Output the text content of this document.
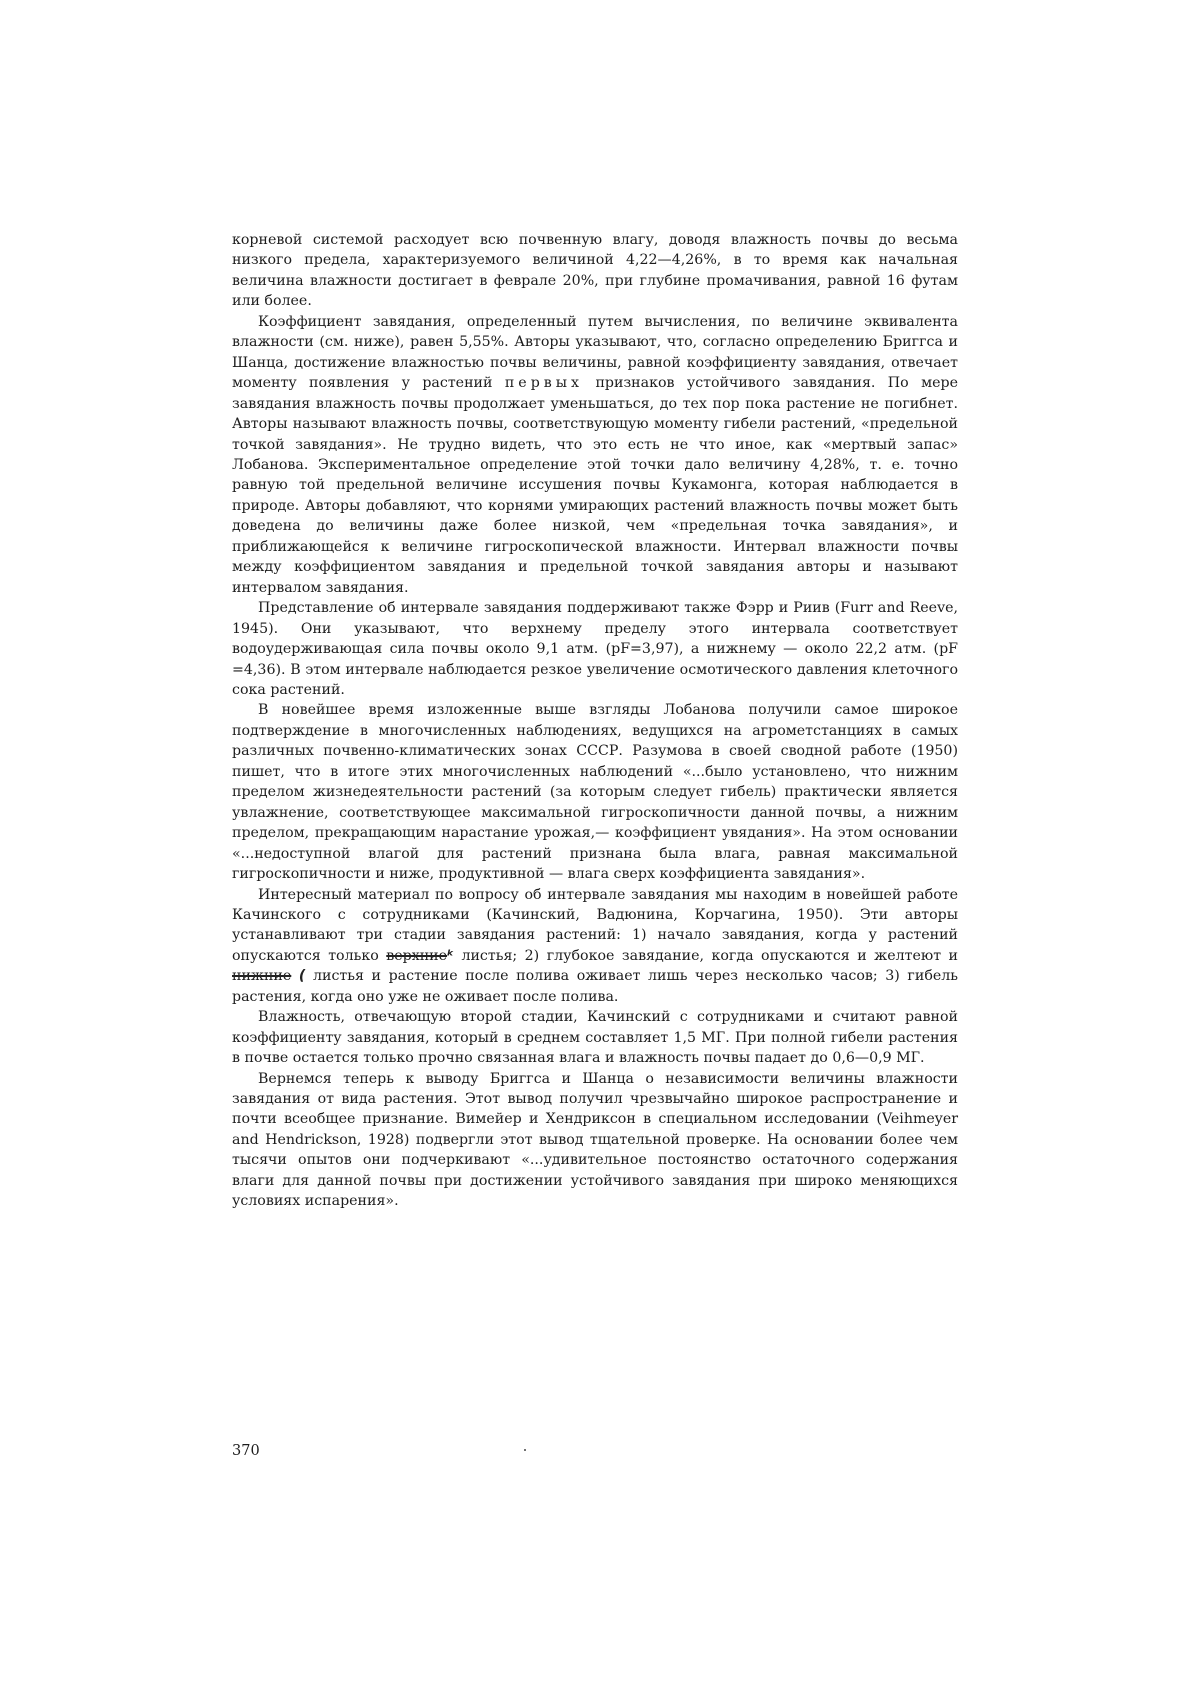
корневой системой расходует всю почвенную влагу, доводя влажность почвы до весьма низкого предела, характеризуемого величиной 4,22—4,26%, в то время как начальная величина влажности достигает в феврале 20%, при глубине промачивания, равной 16 футам или более.

Коэффициент завядания, определенный путем вычисления, по величине эквивалента влажности (см. ниже), равен 5,55%. Авторы указывают, что, согласно определению Бриггса и Шанца, достижение влажностью почвы величины, равной коэффициенту завядания, отвечает моменту появления у растений первых признаков устойчивого завядания. По мере завядания влажность почвы продолжает уменьшаться, до тех пор пока растение не погибнет. Авторы называют влажность почвы, соответствующую моменту гибели растений, «предельной точкой завядания». Не трудно видеть, что это есть не что иное, как «мертвый запас» Лобанова. Экспериментальное определение этой точки дало величину 4,28%, т. е. точно равную той предельной величине иссушения почвы Кукамонга, которая наблюдается в природе. Авторы добавляют, что корнями умирающих растений влажность почвы может быть доведена до величины даже более низкой, чем «предельная точка завядания», и приближающейся к величине гигроскопической влажности. Интервал влажности почвы между коэффициентом завядания и предельной точкой завядания авторы и называют интервалом завядания.

Представление об интервале завядания поддерживают также Фэрр и Риив (Furr and Reeve, 1945). Они указывают, что верхнему пределу этого интервала соответствует водоудерживающая сила почвы около 9,1 атм. (pF=3,97), а нижнему — около 22,2 атм. (pF =4,36). В этом интервале наблюдается резкое увеличение осмотического давления клеточного сока растений.

В новейшее время изложенные выше взгляды Лобанова получили самое широкое подтверждение в многочисленных наблюдениях, ведущихся на агрометстанциях в самых различных почвенно-климатических зонах СССР. Разумова в своей сводной работе (1950) пишет, что в итоге этих многочисленных наблюдений «...было установлено, что нижним пределом жизнедеятельности растений (за которым следует гибель) практически является увлажнение, соответствующее максимальной гигроскопичности данной почвы, а нижним пределом, прекращающим нарастание урожая,— коэффициент увядания». На этом основании «...недоступной влагой для растений признана была влага, равная максимальной гигроскопичности и ниже, продуктивной — влага сверх коэффициента завядания».

Интересный материал по вопросу об интервале завядания мы находим в новейшей работе Качинского с сотрудниками (Качинский, Вадюнина, Корчагина, 1950). Эти авторы устанавливают три стадии завядания растений: 1) начало завядания, когда у растений опускаются только верхниеᵏ листья; 2) глубокое завядание, когда опускаются и желтеют и нижние ( листья и растение после полива оживает лишь через несколько часов; 3) гибель растения, когда оно уже не оживает после полива.

Влажность, отвечающую второй стадии, Качинский с сотрудниками и считают равной коэффициенту завядания, который в среднем составляет 1,5 МГ. При полной гибели растения в почве остается только прочно связанная влага и влажность почвы падает до 0,6—0,9 МГ.

Вернемся теперь к выводу Бриггса и Шанца о независимости величины влажности завядания от вида растения. Этот вывод получил чрезвычайно широкое распространение и почти всеобщее признание. Вимейер и Хендриксон в специальном исследовании (Veihmeyer and Hendrickson, 1928) подвергли этот вывод тщательной проверке. На основании более чем тысячи опытов они подчеркивают «...удивительное постоянство остаточного содержания влаги для данной почвы при достижении устойчивого завядания при широко меняющихся условиях испарения».

370
